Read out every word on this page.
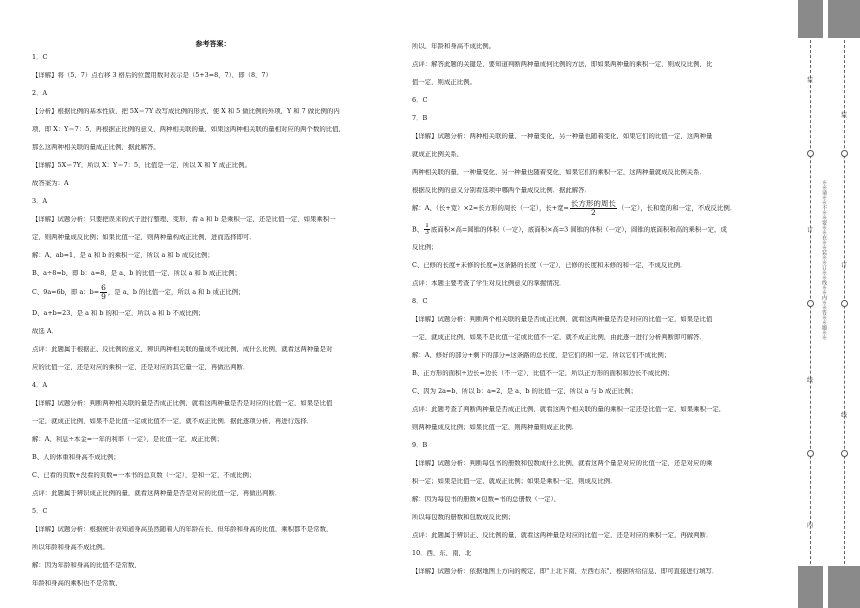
参考答案：
1．C
【详解】将（5，7）点右移 3 格后的位置用数对表示是（5+3=8，7），即（8，7）
2．A
【分析】根据比例的基本性质，把 5X＝7Y 改写成比例的形式，使 X 和 5 做比例的外项，Y 和 7 做比例的内
项，即 X：Y＝7：5，再根据正比例的意义，两种相关联的量，如果这两种相关联的量相对应的两个数的比值，
那么这两种相关联的量成正比例，据此解答。
【详解】5X＝7Y，所以 X：Y＝7：5，比值是一定，所以 X 和 Y 成正比例。
故答案为：A
3．A
【详解】试题分析：只要把误来的式子进行整理、变形，看 a 和 b 是乘积一定，还是比值一定，如果乘积一
定，则两种量成反比例；如果比值一定，则两种量构成正比例，进而选择即可．
解：A、ab=1，是 a 和 b 的乘积一定，所以 a 和 b 成反比例；
B、a÷8=b，即 b：a=8，是 a、b 的比值一定，所以 a 和 b 成正比例；
C、9a=6b，即 a：$b= \frac{6}{9}$ ，是 a、b 的比值一定，所以 a 和 b 成正比例；
D、a+b=23，是 a 和 b 的和一定，所以 a 和 b 不成比例；
故选 A．
点评：此题属于根据正、反比例的意义，辨识两种相关联的量成不成比例，成什么比例，就看这两种量是对
应的比值一定，还是对应的乘积一定，还是对应的其它量一定，再做出判断．
4．A
【详解】试题分析：判断两种相关联的量是否成正比例，就看这两种量是否是对应的比值一定，如果是比值
一定，就成正比例，如果不是比值一定或比值不一定，就不成正比例．据此逐项分析，再进行选择．
解：A、利息÷本金=一年的利率（一定），是比值一定，成正比例；
B、人的体重和身高不成比例；
C、已看的页数+没看的页数=一本书的总页数（一定），是和一定，不成比例；
点评：此题属于辨识成正比例的量，就看这两种量是否是对应的比值一定，再做出判断．
5．C
【详解】试题分析：根据统计表知道身高虽然随着人的年龄在长，但年龄和身高的比值，乘积都不是常数，
所以年龄和身高不成比例。
解：因为年龄和身高的比值不是常数，
年龄和身高的乘积也不是常数，
所以，年龄和身高不成比例。
点评：解答此题的关键是，要知道判断两种量成何比例的方法，即如果两种量的乘积一定，则成反比例，比
值一定，则成正比例。
6．C
7．B
【详解】试题分析：两种相关联的量，一种量变化，另一种量也随着变化，如果它们的比值一定，这两种量
就成正比例关系，
两种相关联的量，一种量变化，另一种量也随着变化，如果它们的乘积一定，这两种量就成反比例关系．
根据反比例的意义分别看选项中哪两个量成反比例．据此解答．
解：A、（长+宽）×2=长方形的周长（一定），长+宽= $\frac{\text{长方形的周长}}{2}$ （一定），长和宽的和一定，不成反比例．
B、 $\frac{1}{3}$ 底面积×高=圆锥的体积（一定），底面积×高=3 圆锥的体积（一定），圆锥的底面积和高的乘积一定，成
反比例；
C、已修的长度+未修的长度=这条路的长度（一定），已修的长度和未修的和一定，不成反比例．
点评：本题主要考查了学生对反比例意义的掌握情况．
8．C
【详解】试题分析：判断两个相关联的量是否成正比例，就看这两种量是否是对应的比值一定，如果是比值
一定，就成正比例，如果不是比值一定或比值不一定，就不成正比例，由此逐一进行分析判断即可解答．
解：A、修好的部分+剩下的部分=这条路的总长度，是它们的和一定，所以它们不成比例；
B、正方形的面积÷边长=边长（不一定），比值不一定，所以正方形的面积和边长不成比例；
C、因为 2a=b，所以 b：a=2，是 a、b 的比值一定，所以 a 与 b 成正比例；
点评：此题考查了判断两种量是否成正比例，就看这两个相关联的量的乘积一定还是比值一定，如果乘积一定，
则两种量成反比例；如果比值一定，则两种量则成正比例．
9．B
【详解】试题分析：判断每包书的册数和包数成什么比例，就看这两个量是对应的比值一定，还是对应的乘
积一定；如果是比值一定，就成正比例；如果是乘积一定，则成反比例．
解：因为每包书的册数×包数=书的总册数（一定），
所以每包数的册数和包数成反比例；
点评：此题属于辨识正、反比例的量，就看这两种量是对应的比值一定，还是对应的乘积一定，再做判断．
10．西，东，南，北
【详解】试题分析：依据地图上方向的规定，即"上北下南，左西右东"，根据所给信息，即可直接进行填写．
装
订
线
内
装
订
线
※※请※※不※※要※※在※※装※※订※※线※※内※※答※※题※※
